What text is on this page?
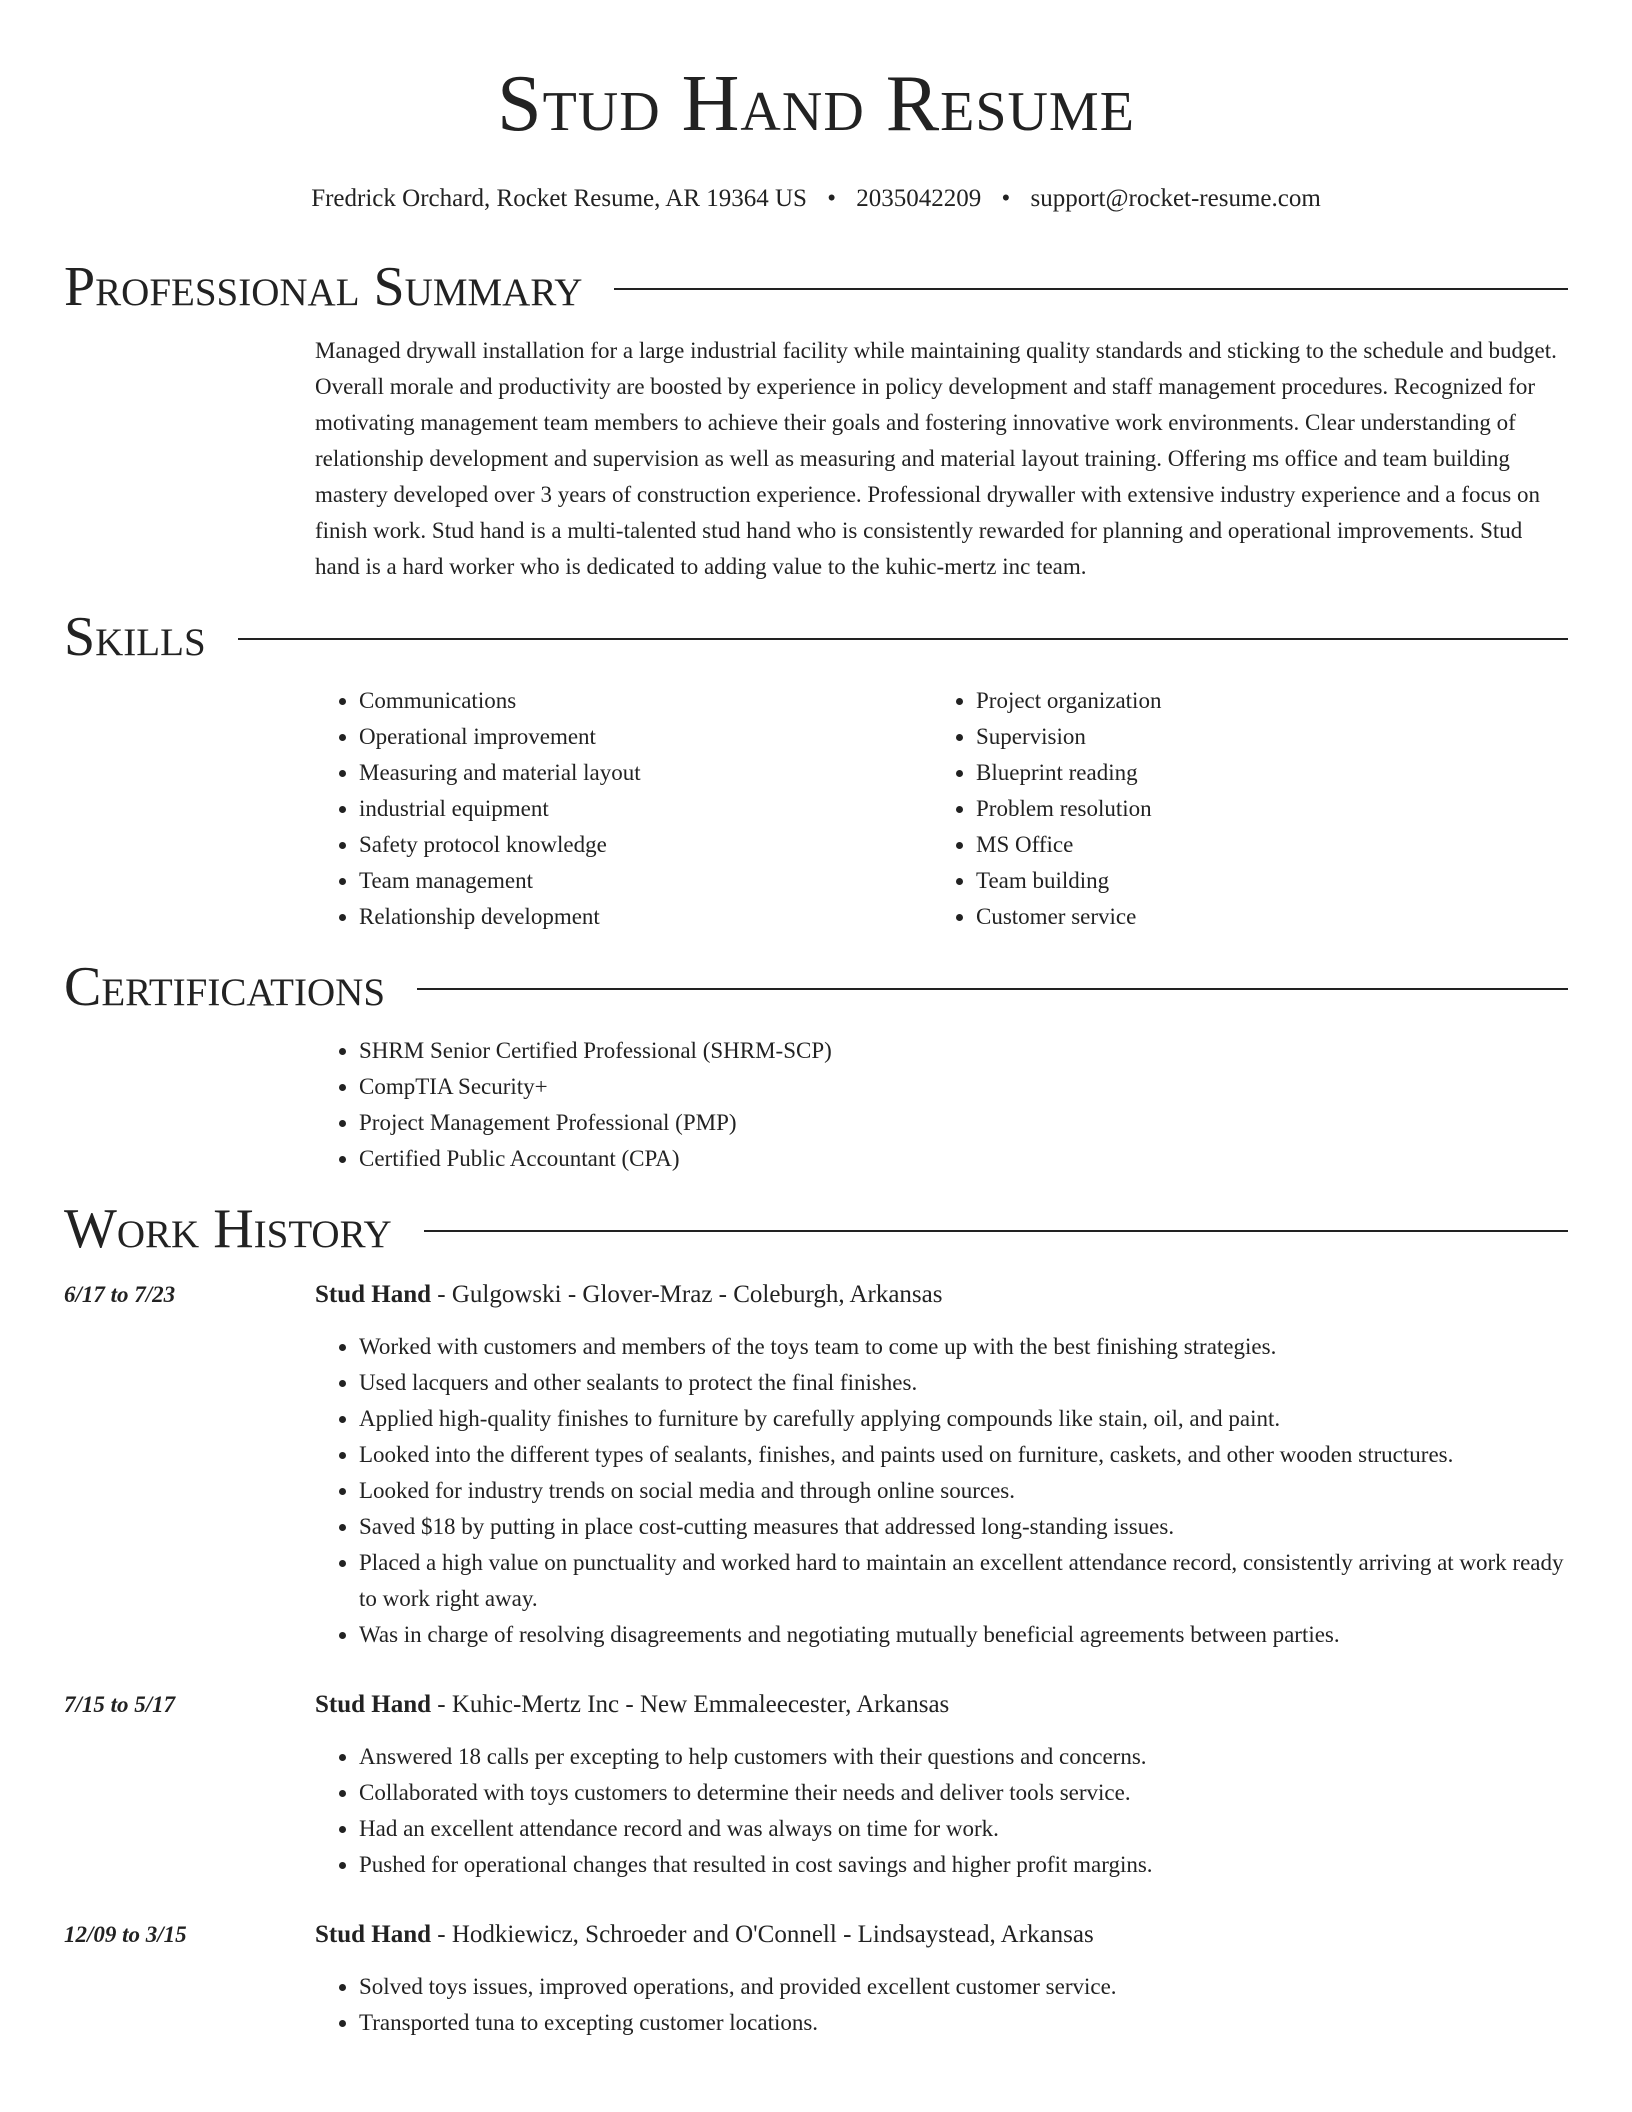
Stud Hand Resume
Fredrick Orchard, Rocket Resume, AR 19364 US • 2035042209 • support@rocket-resume.com
Professional Summary

Managed drywall installation for a large industrial facility while maintaining quality standards and sticking to the schedule and budget. Overall morale and productivity are boosted by experience in policy development and staff management procedures. Recognized for motivating management team members to achieve their goals and fostering innovative work environments. Clear understanding of relationship development and supervision as well as measuring and material layout training. Offering ms office and team building mastery developed over 3 years of construction experience. Professional drywaller with extensive industry experience and a focus on finish work. Stud hand is a multi-talented stud hand who is consistently rewarded for planning and operational improvements. Stud hand is a hard worker who is dedicated to adding value to the kuhic-mertz inc team.

Skills
• Communications
• Operational improvement
• Measuring and material layout
• industrial equipment
• Safety protocol knowledge
• Team management
• Relationship development
• Project organization
• Supervision
• Blueprint reading
• Problem resolution
• MS Office
• Team building
• Customer service
Certifications
• SHRM Senior Certified Professional (SHRM-SCP)
• CompTIA Security+
• Project Management Professional (PMP)
• Certified Public Accountant (CPA)
Work History
6/17 to 7/23	Stud Hand - Gulgowski - Glover-Mraz - Coleburgh, Arkansas
• Worked with customers and members of the toys team to come up with the best finishing strategies.
• Used lacquers and other sealants to protect the final finishes.
• Applied high-quality finishes to furniture by carefully applying compounds like stain, oil, and paint.
• Looked into the different types of sealants, finishes, and paints used on furniture, caskets, and other wooden structures.
• Looked for industry trends on social media and through online sources.
• Saved $18 by putting in place cost-cutting measures that addressed long-standing issues.
• Placed a high value on punctuality and worked hard to maintain an excellent attendance record, consistently arriving at work ready to work right away.
• Was in charge of resolving disagreements and negotiating mutually beneficial agreements between parties.
7/15 to 5/17	Stud Hand - Kuhic-Mertz Inc - New Emmaleecester, Arkansas
• Answered 18 calls per excepting to help customers with their questions and concerns.
• Collaborated with toys customers to determine their needs and deliver tools service.
• Had an excellent attendance record and was always on time for work.
• Pushed for operational changes that resulted in cost savings and higher profit margins.
12/09 to 3/15	Stud Hand - Hodkiewicz, Schroeder and O'Connell - Lindsaystead, Arkansas
• Solved toys issues, improved operations, and provided excellent customer service.
• Transported tuna to excepting customer locations.
